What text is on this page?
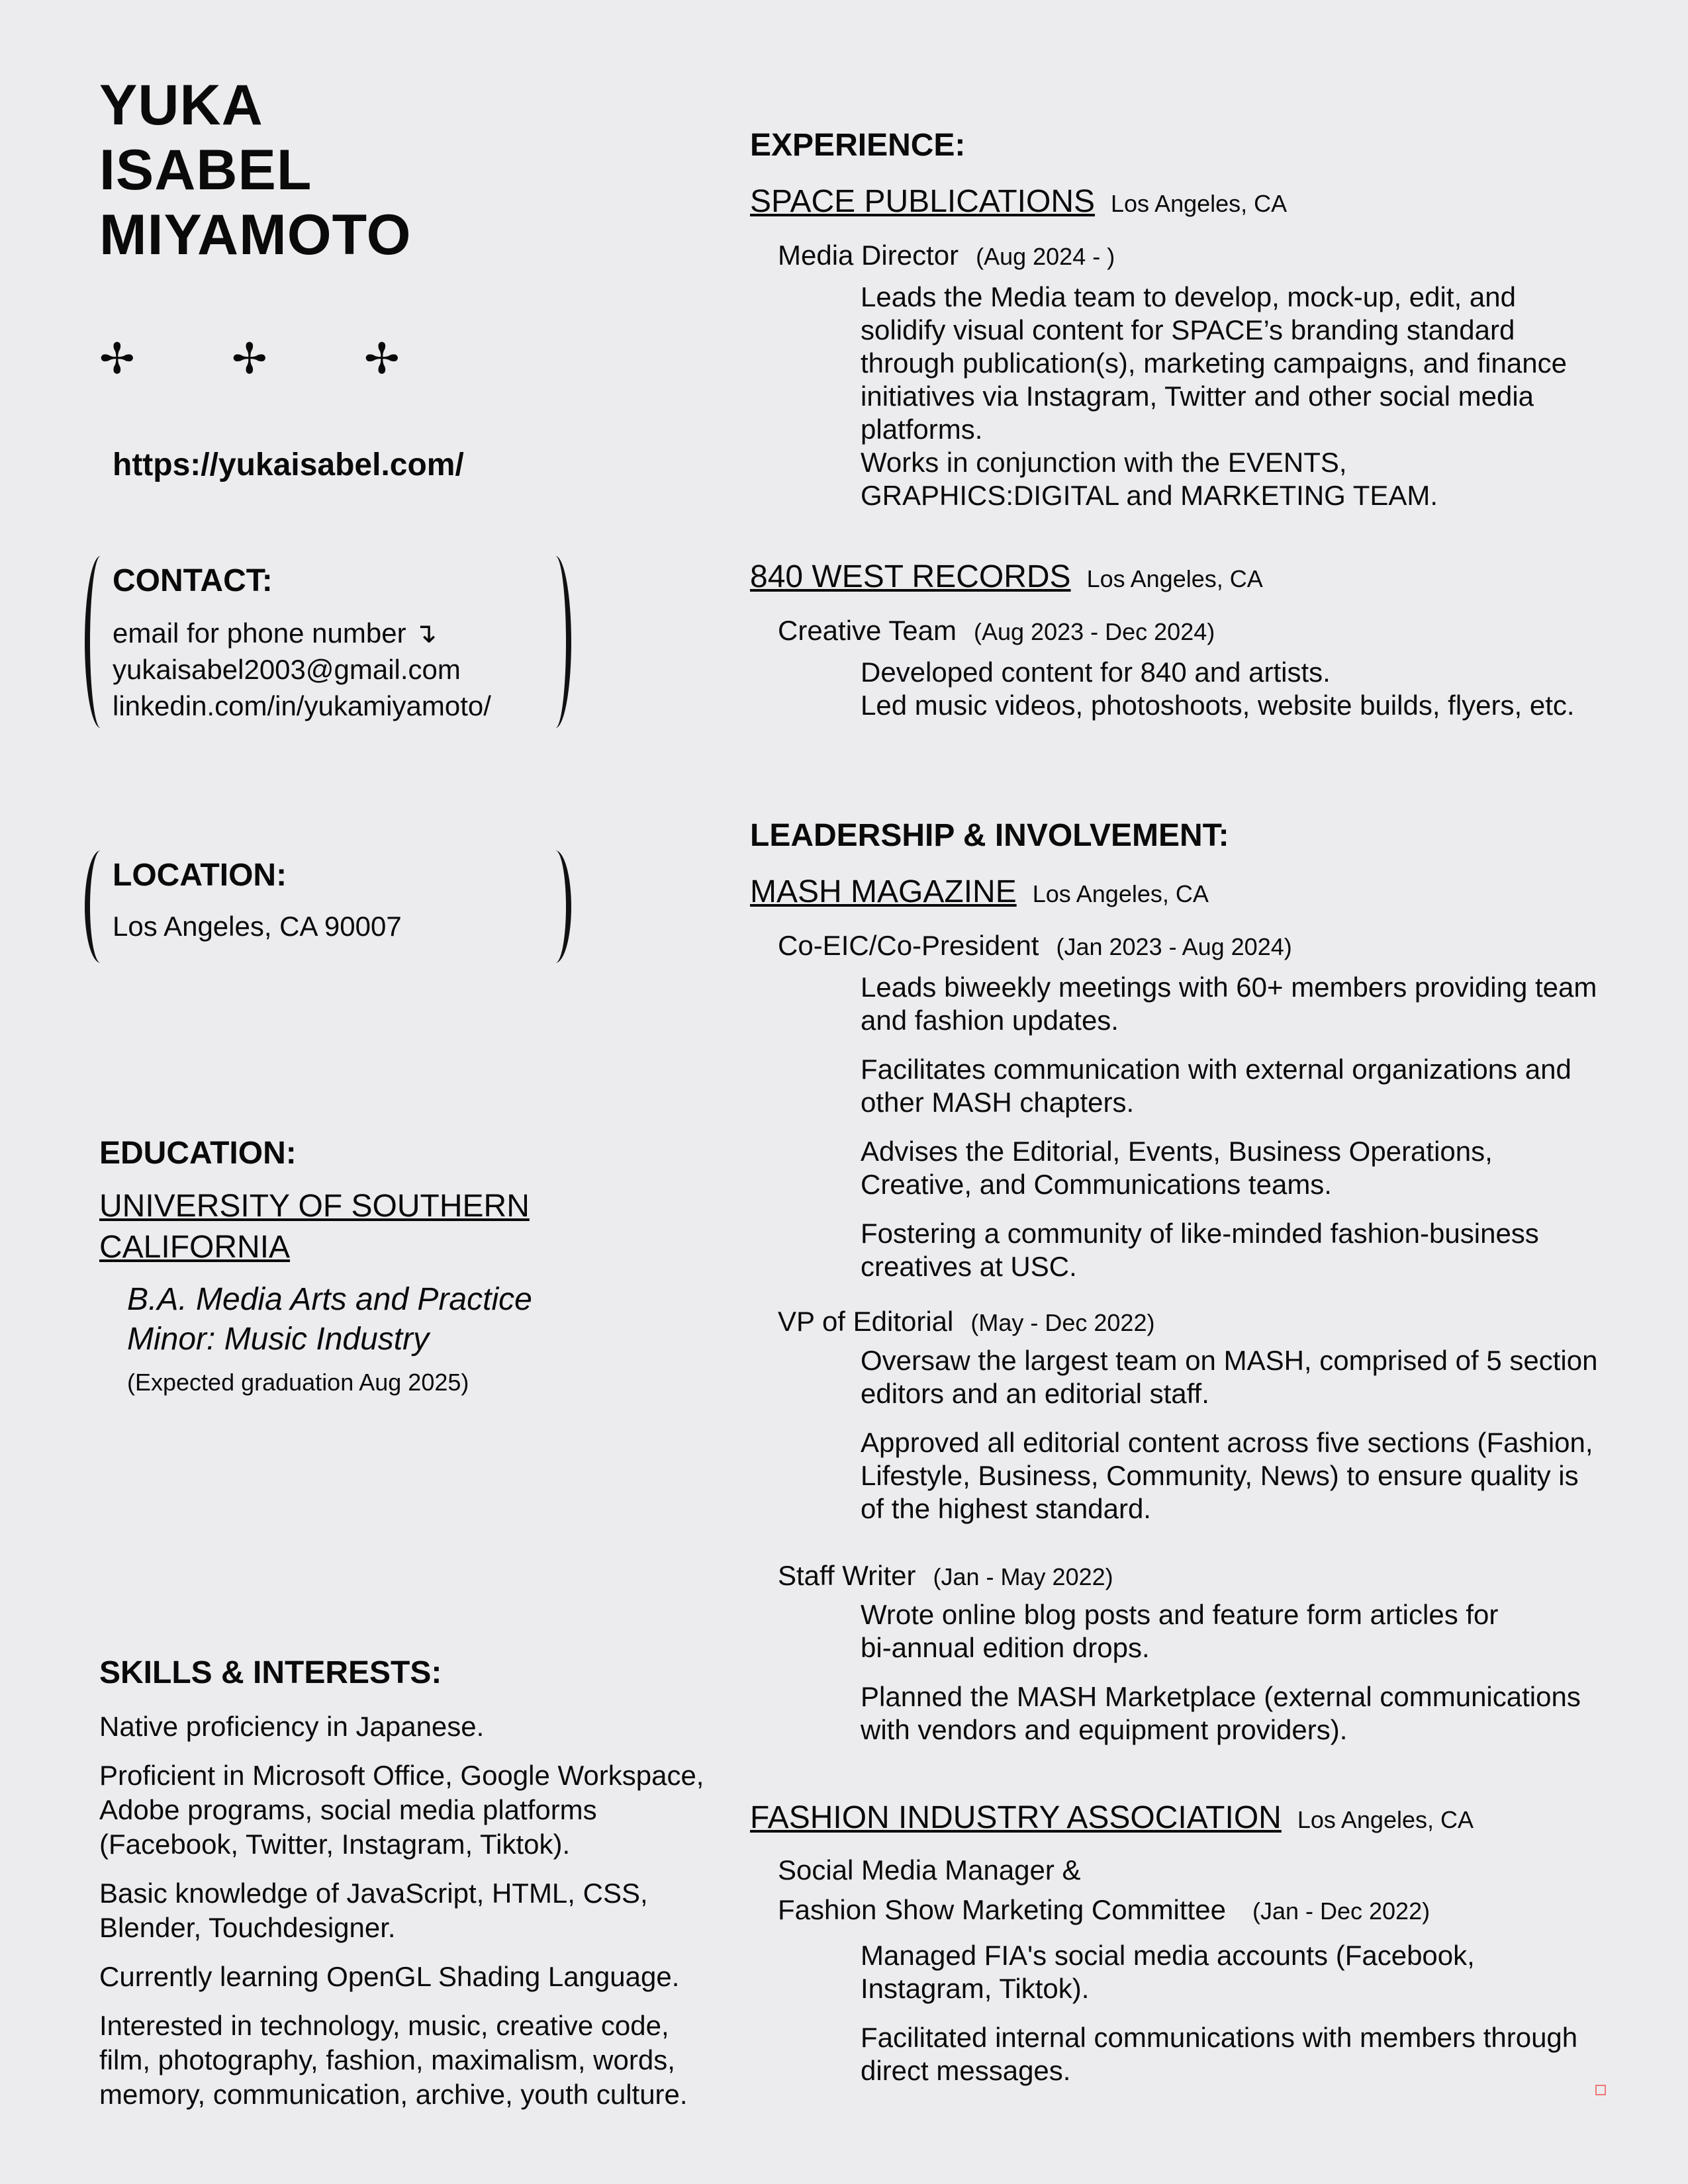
YUKA
ISABEL
MIYAMOTO
✢ ✢ ✢
https://yukaisabel.com/
CONTACT:
email for phone number ↴
yukaisabel2003@gmail.com
linkedin.com/in/yukamiyamoto/
LOCATION:
Los Angeles, CA 90007
EDUCATION:
UNIVERSITY OF SOUTHERN
CALIFORNIA
B.A. Media Arts and Practice
Minor: Music Industry
(Expected graduation Aug 2025)
SKILLS & INTERESTS:
Native proficiency in Japanese.
Proficient in Microsoft Office, Google Workspace,
Adobe programs, social media platforms
(Facebook, Twitter, Instagram, Tiktok).
Basic knowledge of JavaScript, HTML, CSS,
Blender, Touchdesigner.
Currently learning OpenGL Shading Language.
Interested in technology, music, creative code,
film, photography, fashion, maximalism, words,
memory, communication, archive, youth culture.
EXPERIENCE:
SPACE PUBLICATIONS Los Angeles, CA
Media Director (Aug 2024 - )
Leads the Media team to develop, mock-up, edit, and
solidify visual content for SPACE’s branding standard
through publication(s), marketing campaigns, and finance
initiatives via Instagram, Twitter and other social media
platforms.
Works in conjunction with the EVENTS,
GRAPHICS:DIGITAL and MARKETING TEAM.
840 WEST RECORDS Los Angeles, CA
Creative Team (Aug 2023 - Dec 2024)
Developed content for 840 and artists.
Led music videos, photoshoots, website builds, flyers, etc.
LEADERSHIP & INVOLVEMENT:
MASH MAGAZINE Los Angeles, CA
Co-EIC/Co-President (Jan 2023 - Aug 2024)
Leads biweekly meetings with 60+ members providing team
and fashion updates.
Facilitates communication with external organizations and
other MASH chapters.
Advises the Editorial, Events, Business Operations,
Creative, and Communications teams.
Fostering a community of like-minded fashion-business
creatives at USC.
VP of Editorial (May - Dec 2022)
Oversaw the largest team on MASH, comprised of 5 section
editors and an editorial staff.
Approved all editorial content across five sections (Fashion,
Lifestyle, Business, Community, News) to ensure quality is
of the highest standard.
Staff Writer (Jan - May 2022)
Wrote online blog posts and feature form articles for
bi-annual edition drops.
Planned the MASH Marketplace (external communications
with vendors and equipment providers).
FASHION INDUSTRY ASSOCIATION Los Angeles, CA
Social Media Manager &
Fashion Show Marketing Committee (Jan - Dec 2022)
Managed FIA's social media accounts (Facebook,
Instagram, Tiktok).
Facilitated internal communications with members through
direct messages.
